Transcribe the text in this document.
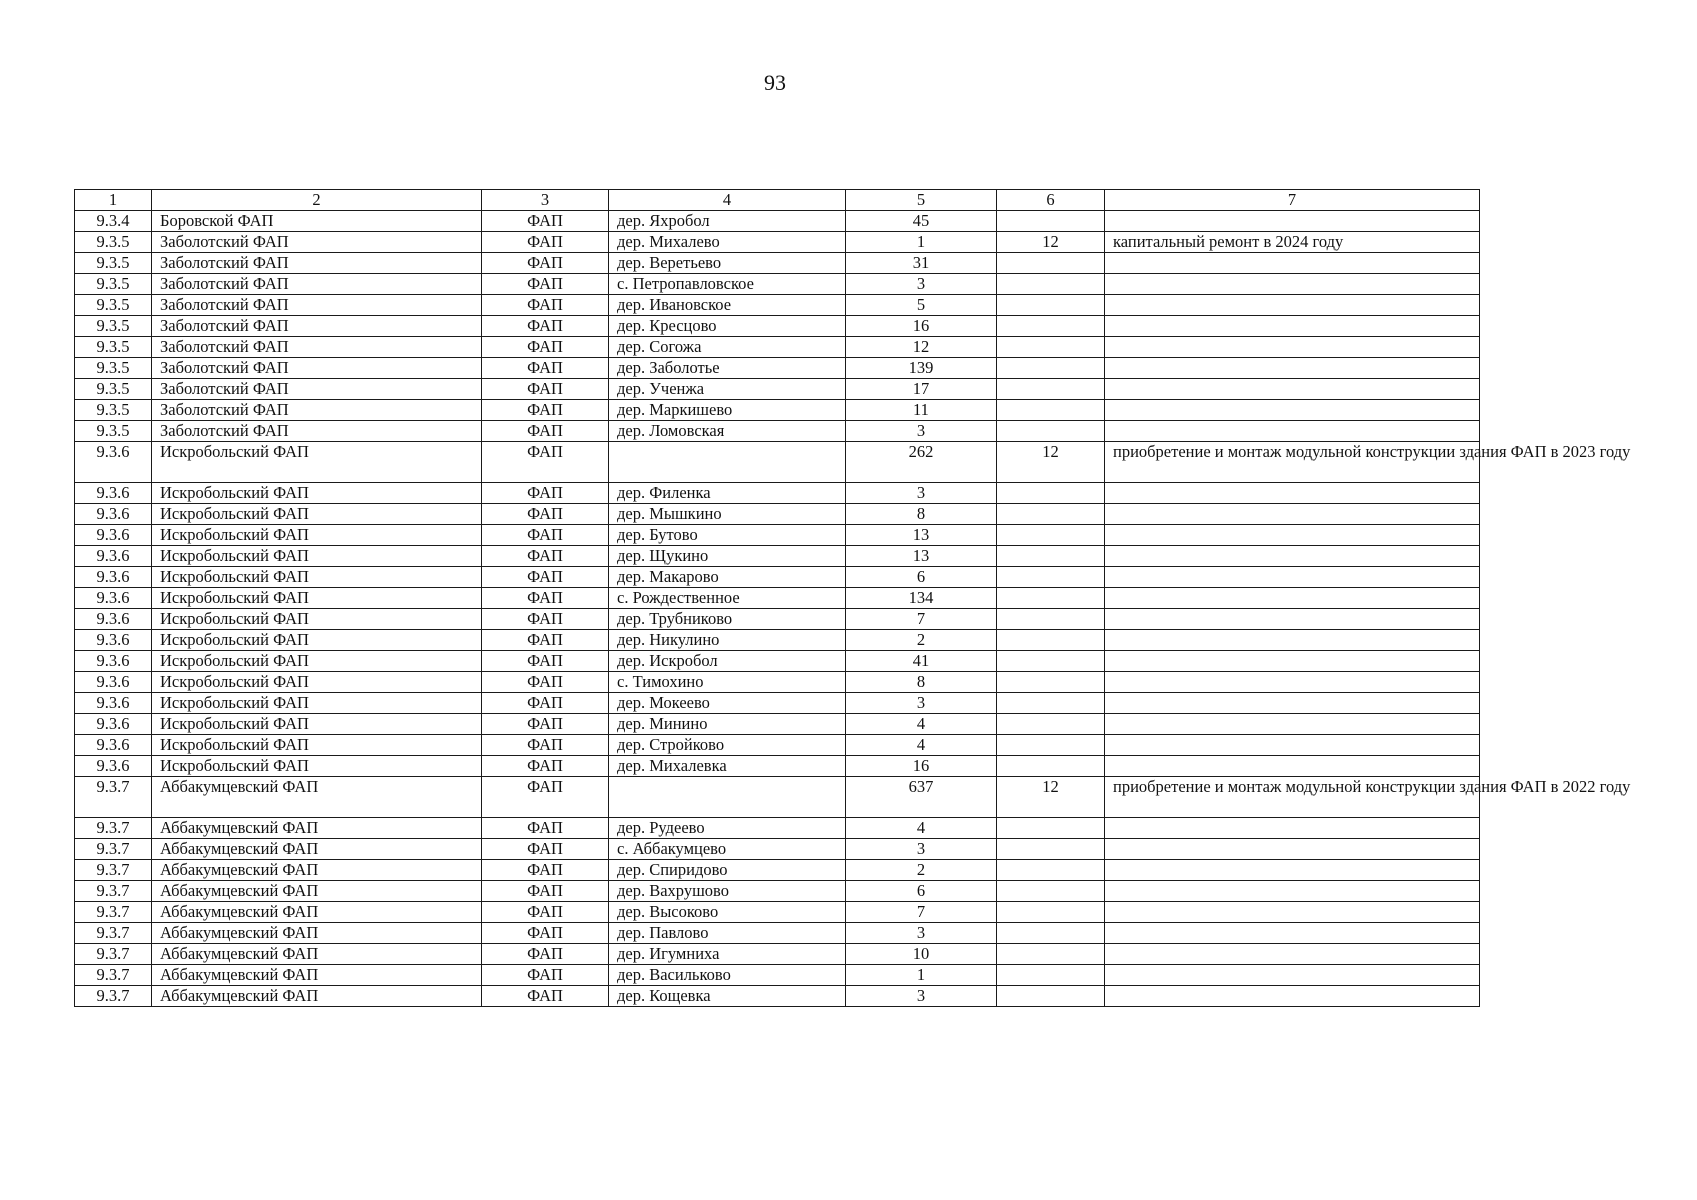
93
1	2	3	4	5	6	7
9.3.4	Боровской ФАП	ФАП	дер. Яхробол	45		
9.3.5	Заболотский ФАП	ФАП	дер. Михалево	1	12	капитальный ремонт в 2024 году
9.3.5	Заболотский ФАП	ФАП	дер. Веретьево	31		
9.3.5	Заболотский ФАП	ФАП	с. Петропавловское	3		
9.3.5	Заболотский ФАП	ФАП	дер. Ивановское	5		
9.3.5	Заболотский ФАП	ФАП	дер. Кресцово	16		
9.3.5	Заболотский ФАП	ФАП	дер. Согожа	12		
9.3.5	Заболотский ФАП	ФАП	дер. Заболотье	139		
9.3.5	Заболотский ФАП	ФАП	дер. Ученжа	17		
9.3.5	Заболотский ФАП	ФАП	дер. Маркишево	11		
9.3.5	Заболотский ФАП	ФАП	дер. Ломовская	3		
9.3.6	Искробольский ФАП	ФАП		262	12	приобретение и монтаж модульной конструкции здания ФАП в 2023 году
9.3.6	Искробольский ФАП	ФАП	дер. Филенка	3		
9.3.6	Искробольский ФАП	ФАП	дер. Мышкино	8		
9.3.6	Искробольский ФАП	ФАП	дер. Бутово	13		
9.3.6	Искробольский ФАП	ФАП	дер. Щукино	13		
9.3.6	Искробольский ФАП	ФАП	дер. Макарово	6		
9.3.6	Искробольский ФАП	ФАП	с. Рождественное	134		
9.3.6	Искробольский ФАП	ФАП	дер. Трубниково	7		
9.3.6	Искробольский ФАП	ФАП	дер. Никулино	2		
9.3.6	Искробольский ФАП	ФАП	дер. Искробол	41		
9.3.6	Искробольский ФАП	ФАП	с. Тимохино	8		
9.3.6	Искробольский ФАП	ФАП	дер. Мокеево	3		
9.3.6	Искробольский ФАП	ФАП	дер. Минино	4		
9.3.6	Искробольский ФАП	ФАП	дер. Стройково	4		
9.3.6	Искробольский ФАП	ФАП	дер. Михалевка	16		
9.3.7	Аббакумцевский ФАП	ФАП		637	12	приобретение и монтаж модульной конструкции здания ФАП в 2022 году
9.3.7	Аббакумцевский ФАП	ФАП	дер. Рудеево	4		
9.3.7	Аббакумцевский ФАП	ФАП	с. Аббакумцево	3		
9.3.7	Аббакумцевский ФАП	ФАП	дер. Спиридово	2		
9.3.7	Аббакумцевский ФАП	ФАП	дер. Вахрушово	6		
9.3.7	Аббакумцевский ФАП	ФАП	дер. Высоково	7		
9.3.7	Аббакумцевский ФАП	ФАП	дер. Павлово	3		
9.3.7	Аббакумцевский ФАП	ФАП	дер. Игумниха	10		
9.3.7	Аббакумцевский ФАП	ФАП	дер. Васильково	1		
9.3.7	Аббакумцевский ФАП	ФАП	дер. Кощевка	3		
